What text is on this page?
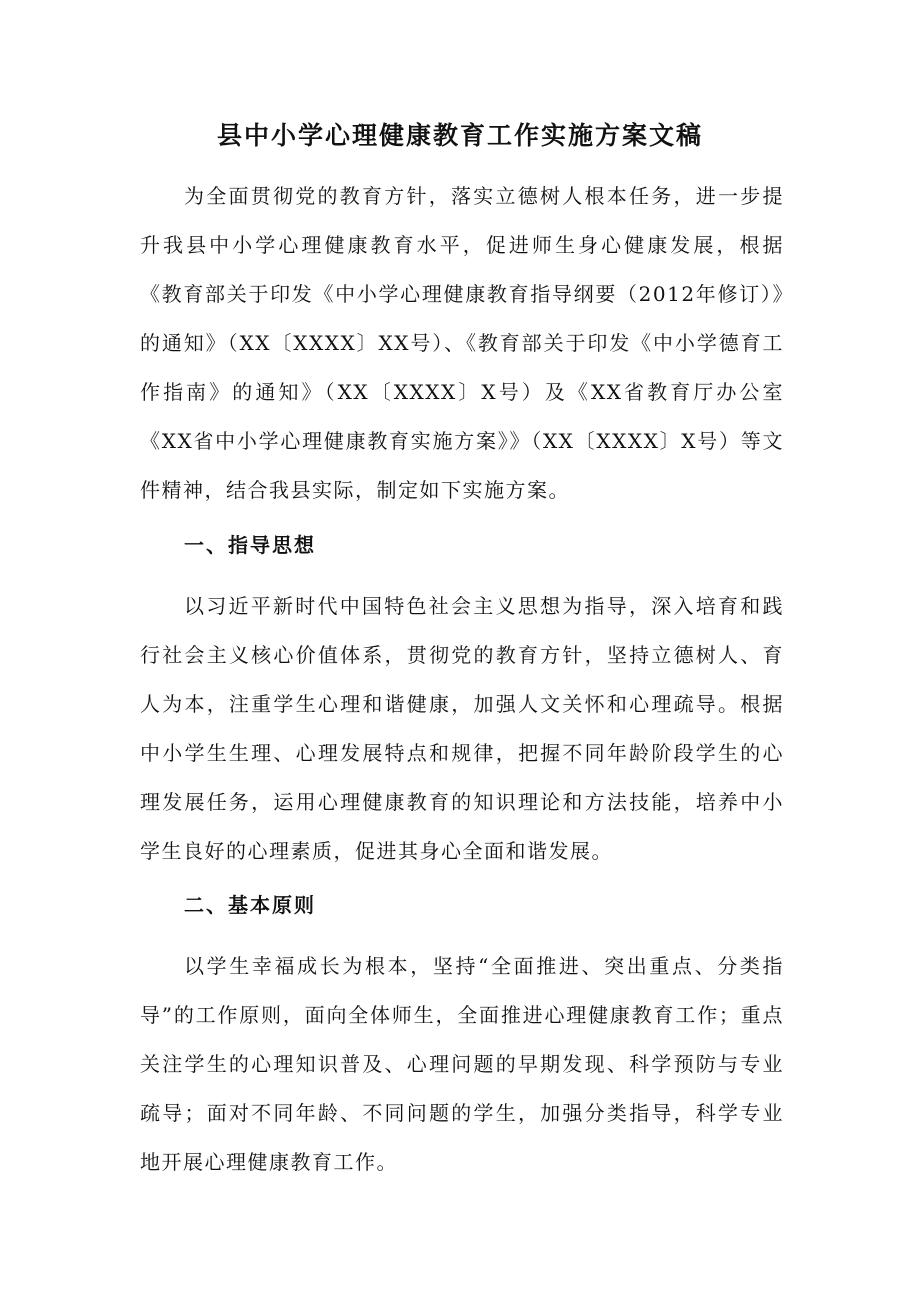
县中小学心理健康教育工作实施方案文稿

为全面贯彻党的教育方针，落实立德树人根本任务，进一步提升我县中小学心理健康教育水平，促进师生身心健康发展，根据《教育部关于印发《中小学心理健康教育指导纲要（2012年修订）》的通知》（XX〔XXXX〕XX号）、《教育部关于印发《中小学德育工作指南》的通知》（XX〔XXXX〕X号）及《XX省教育厅办公室《XX省中小学心理健康教育实施方案》》（XX〔XXXX〕X号）等文件精神，结合我县实际，制定如下实施方案。

一、指导思想

以习近平新时代中国特色社会主义思想为指导，深入培育和践行社会主义核心价值体系，贯彻党的教育方针，坚持立德树人、育人为本，注重学生心理和谐健康，加强人文关怀和心理疏导。根据中小学生生理、心理发展特点和规律，把握不同年龄阶段学生的心理发展任务，运用心理健康教育的知识理论和方法技能，培养中小学生良好的心理素质，促进其身心全面和谐发展。

二、基本原则

以学生幸福成长为根本，坚持“全面推进、突出重点、分类指导”的工作原则，面向全体师生，全面推进心理健康教育工作；重点关注学生的心理知识普及、心理问题的早期发现、科学预防与专业疏导；面对不同年龄、不同问题的学生，加强分类指导，科学专业地开展心理健康教育工作。
